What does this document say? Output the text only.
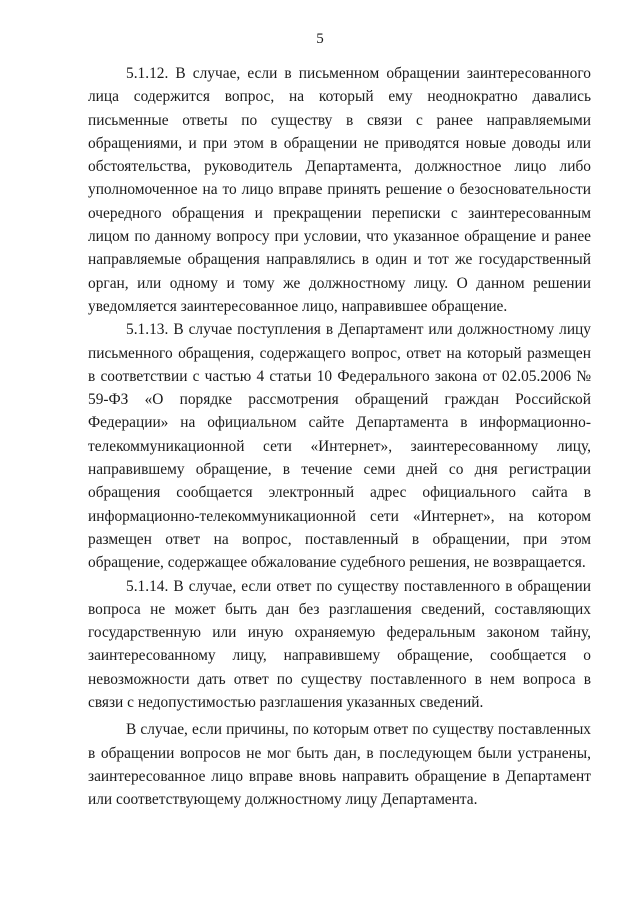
5

5.1.12. В случае, если в письменном обращении заинтересованного лица содержится вопрос, на который ему неоднократно давались письменные ответы по существу в связи с ранее направляемыми обращениями, и при этом в обращении не приводятся новые доводы или обстоятельства, руководитель Департамента, должностное лицо либо уполномоченное на то лицо вправе принять решение о безосновательности очередного обращения и прекращении переписки с заинтересованным лицом по данному вопросу при условии, что указанное обращение и ранее направляемые обращения направлялись в один и тот же государственный орган, или одному и тому же должностному лицу. О данном решении уведомляется заинтересованное лицо, направившее обращение.

5.1.13. В случае поступления в Департамент или должностному лицу письменного обращения, содержащего вопрос, ответ на который размещен в соответствии с частью 4 статьи 10 Федерального закона от 02.05.2006 № 59-ФЗ «О порядке рассмотрения обращений граждан Российской Федерации» на официальном сайте Департамента в информационно-телекоммуникационной сети «Интернет», заинтересованному лицу, направившему обращение, в течение семи дней со дня регистрации обращения сообщается электронный адрес официального сайта в информационно-телекоммуникационной сети «Интернет», на котором размещен ответ на вопрос, поставленный в обращении, при этом обращение, содержащее обжалование судебного решения, не возвращается.

5.1.14. В случае, если ответ по существу поставленного в обращении вопроса не может быть дан без разглашения сведений, составляющих государственную или иную охраняемую федеральным законом тайну, заинтересованному лицу, направившему обращение, сообщается о невозможности дать ответ по существу поставленного в нем вопроса в связи с недопустимостью разглашения указанных сведений.

В случае, если причины, по которым ответ по существу поставленных в обращении вопросов не мог быть дан, в последующем были устранены, заинтересованное лицо вправе вновь направить обращение в Департамент или соответствующему должностному лицу Департамента.
